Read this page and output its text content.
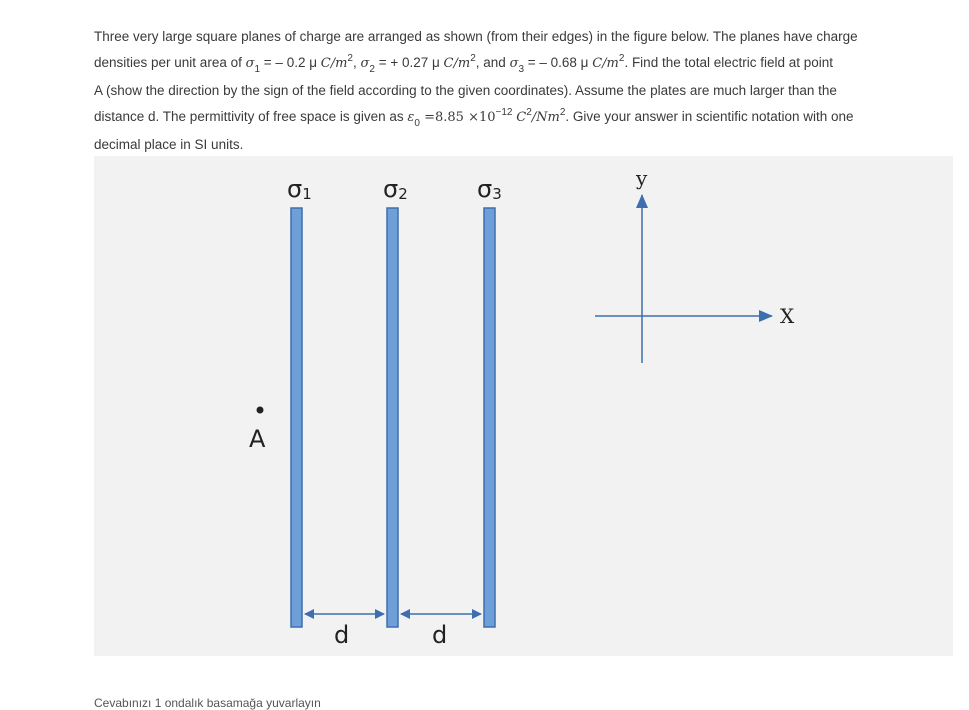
Three very large square planes of charge are arranged as shown (from their edges) in the figure below. The planes have charge

densities per unit area of $\sigma_1$ = – 0.2 μ $C/m^2$, $\sigma_2$ = + 0.27 μ $C/m^2$, and $\sigma_3$ = – 0.68 μ $C/m^2$. Find the total electric field at point

A (show the direction by the sign of the field according to the given coordinates). Assume the plates are much larger than the

distance d. The permittivity of free space is given as $\varepsilon_0 =8.85 \times 10^{-12}$ $C^2/Nm^2$. Give your answer in scientific notation with one

decimal place in SI units.

σ1	σ2	σ3
A
d	d
X
y
Cevabınızı 1 ondalık basamağa yuvarlayın
